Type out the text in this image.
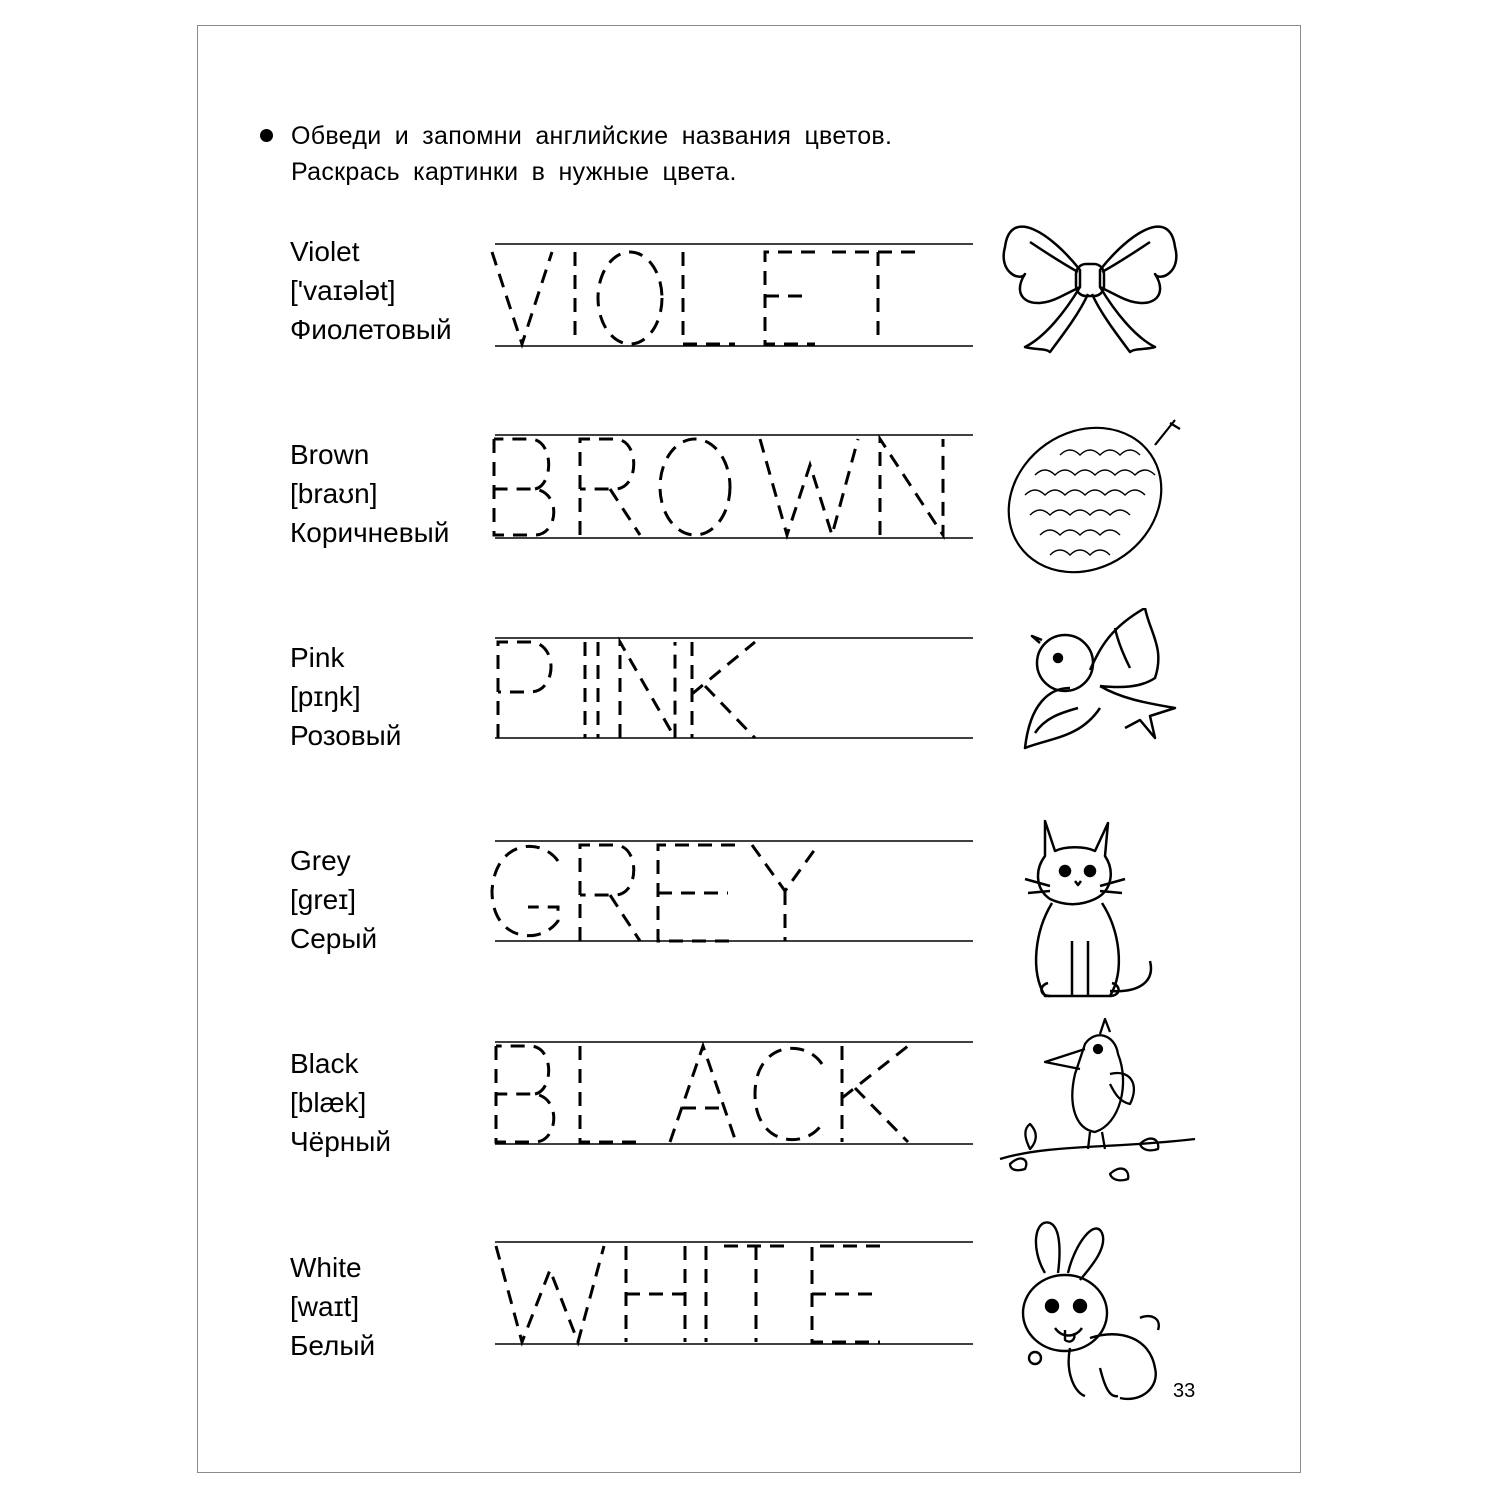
Обведи и запомни английские названия цветов.
Раскрась картинки в нужные цвета.
Violet
['vaɪələt]
Фиолетовый
Brown
[braʊn]
Коричневый
Pink
[pɪŋk]
Розовый
Grey
[greɪ]
Серый
Black
[blæk]
Чёрный
White
[waɪt]
Белый
33
